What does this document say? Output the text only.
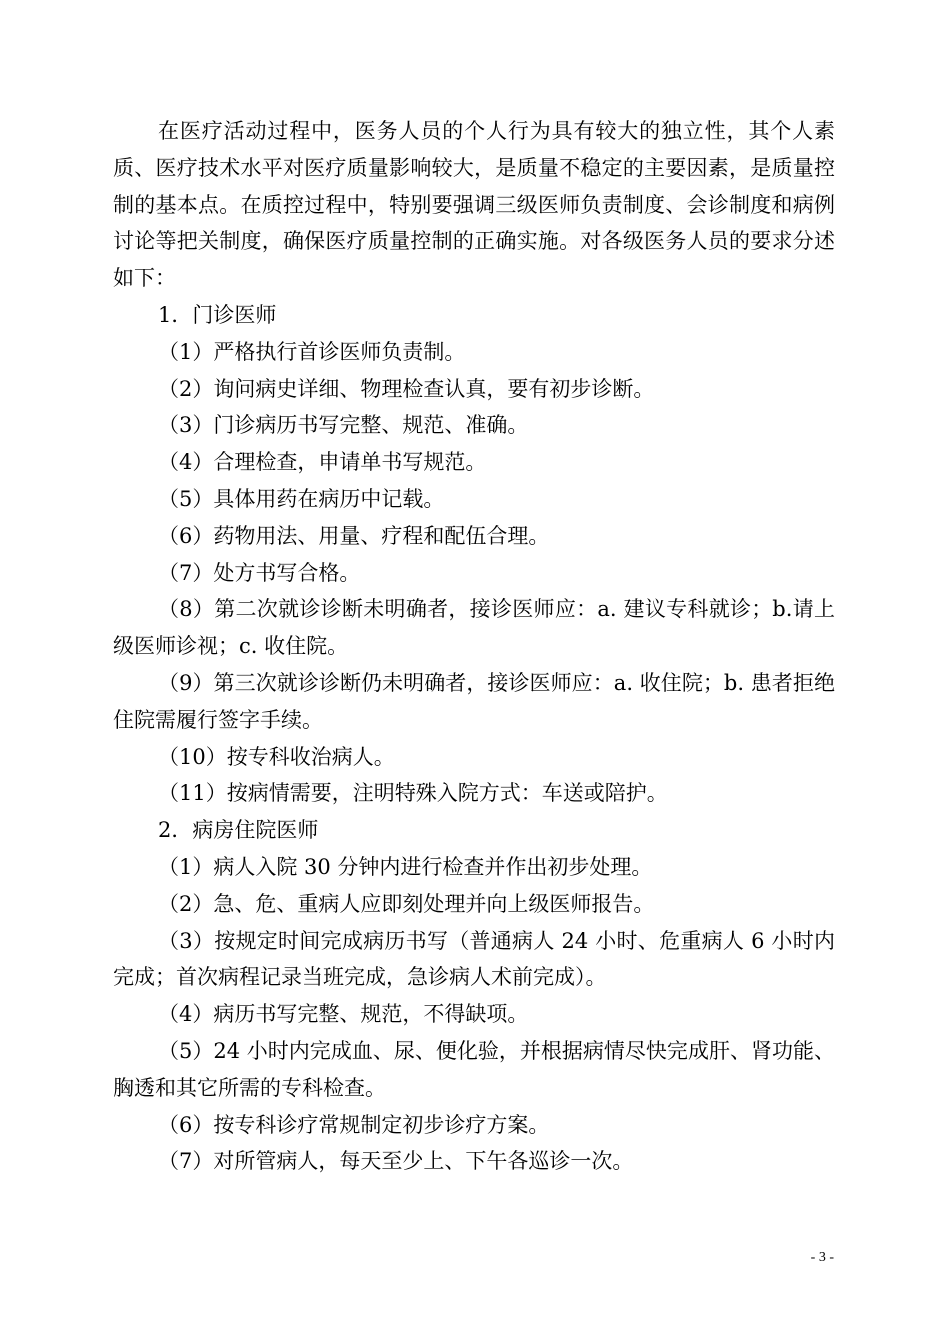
在医疗活动过程中，医务人员的个人行为具有较大的独立性，其个人素质、医疗技术水平对医疗质量影响较大，是质量不稳定的主要因素，是质量控制的基本点。在质控过程中，特别要强调三级医师负责制度、会诊制度和病例讨论等把关制度，确保医疗质量控制的正确实施。对各级医务人员的要求分述如下：

1．门诊医师

（1）严格执行首诊医师负责制。

（2）询问病史详细、物理检查认真，要有初步诊断。

（3）门诊病历书写完整、规范、准确。

（4）合理检查，申请单书写规范。

（5）具体用药在病历中记载。

（6）药物用法、用量、疗程和配伍合理。

（7）处方书写合格。

（8）第二次就诊诊断未明确者，接诊医师应：a. 建议专科就诊；b.请上级医师诊视；c. 收住院。

（9）第三次就诊诊断仍未明确者，接诊医师应：a. 收住院；b. 患者拒绝住院需履行签字手续。

（10）按专科收治病人。

（11）按病情需要，注明特殊入院方式：车送或陪护。

2．病房住院医师

（1）病人入院 30 分钟内进行检查并作出初步处理。

（2）急、危、重病人应即刻处理并向上级医师报告。

（3）按规定时间完成病历书写（普通病人 24 小时、危重病人 6 小时内完成；首次病程记录当班完成，急诊病人术前完成）。

（4）病历书写完整、规范，不得缺项。

（5）24 小时内完成血、尿、便化验，并根据病情尽快完成肝、肾功能、胸透和其它所需的专科检查。

（6）按专科诊疗常规制定初步诊疗方案。

（7）对所管病人，每天至少上、下午各巡诊一次。

- 3 -
